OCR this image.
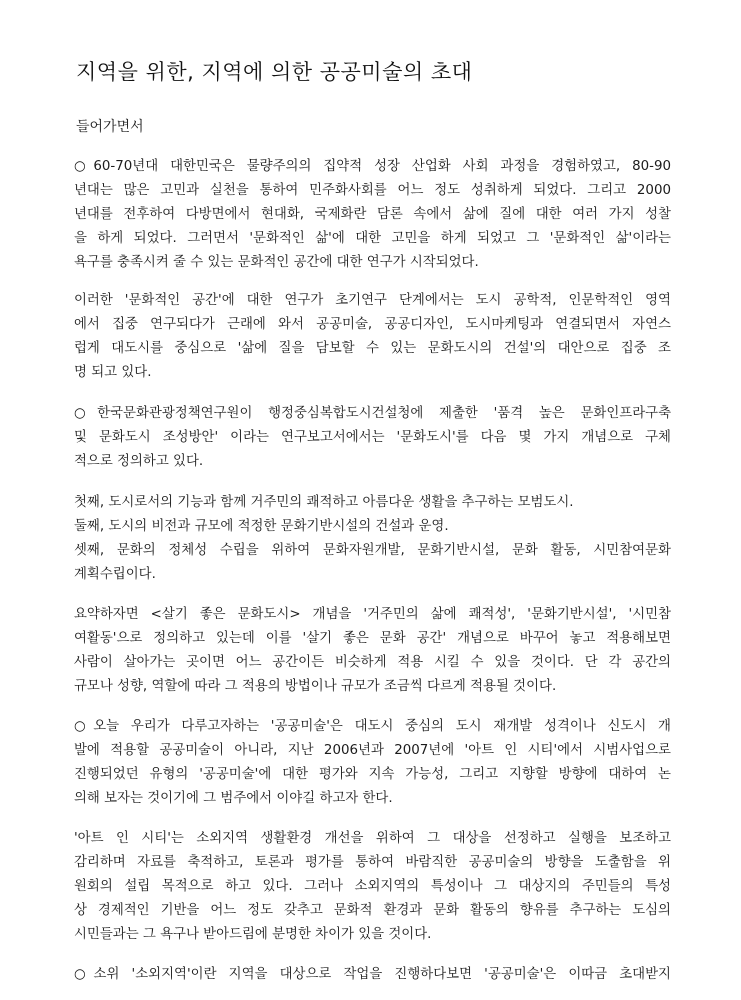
지역을 위한, 지역에 의한 공공미술의 초대

들어가면서

○60-70년대 대한민국은 물량주의의 집약적 성장 산업화 사회 과정을 경험하였고, 80-90

년대는 많은 고민과 실천을 통하여 민주화사회를 어느 정도 성취하게 되었다. 그리고 2000

년대를 전후하여 다방면에서 현대화, 국제화란 담론 속에서 삶에 질에 대한 여러 가지 성찰

을 하게 되었다. 그러면서 '문화적인 삶'에 대한 고민을 하게 되었고 그 '문화적인 삶'이라는

욕구를 충족시켜 줄 수 있는 문화적인 공간에 대한 연구가 시작되었다.

이러한 '문화적인 공간'에 대한 연구가 초기연구 단계에서는 도시 공학적, 인문학적인 영역

에서 집중 연구되다가 근래에 와서 공공미술, 공공디자인, 도시마케팅과 연결되면서 자연스

럽게 대도시를 중심으로 '삶에 질을 담보할 수 있는 문화도시의 건설'의 대안으로 집중 조

명 되고 있다.

○한국문화관광정책연구원이 행정중심복합도시건설청에 제출한 '품격 높은 문화인프라구축

및 문화도시 조성방안' 이라는 연구보고서에서는 '문화도시'를 다음 몇 가지 개념으로 구체

적으로 정의하고 있다.

첫째, 도시로서의 기능과 함께 거주민의 쾌적하고 아름다운 생활을 추구하는 모범도시.

둘째, 도시의 비전과 규모에 적정한 문화기반시설의 건설과 운영.

셋째, 문화의 정체성 수립을 위하여 문화자원개발, 문화기반시설, 문화 활동, 시민참여문화

계획수립이다.

요약하자면 <살기 좋은 문화도시> 개념을 '거주민의 삶에 쾌적성', '문화기반시설', '시민참

여활동'으로 정의하고 있는데 이를 '살기 좋은 문화 공간' 개념으로 바꾸어 놓고 적용해보면

사람이 살아가는 곳이면 어느 공간이든 비슷하게 적용 시킬 수 있을 것이다. 단 각 공간의

규모나 성향, 역할에 따라 그 적용의 방법이나 규모가 조금씩 다르게 적용될 것이다.

○오늘 우리가 다루고자하는 '공공미술'은 대도시 중심의 도시 재개발 성격이나 신도시 개

발에 적용할 공공미술이 아니라, 지난 2006년과 2007년에 '아트 인 시티'에서 시범사업으로

진행되었던 유형의 '공공미술'에 대한 평가와 지속 가능성, 그리고 지향할 방향에 대하여 논

의해 보자는 것이기에 그 범주에서 이야길 하고자 한다.

'아트 인 시티'는 소외지역 생활환경 개선을 위하여 그 대상을 선정하고 실행을 보조하고

감리하며 자료를 축적하고, 토론과 평가를 통하여 바람직한 공공미술의 방향을 도출함을 위

원회의 설립 목적으로 하고 있다. 그러나 소외지역의 특성이나 그 대상지의 주민들의 특성

상 경제적인 기반을 어느 정도 갖추고 문화적 환경과 문화 활동의 향유를 추구하는 도심의

시민들과는 그 욕구나 받아드림에 분명한 차이가 있을 것이다.

○소위 '소외지역'이란 지역을 대상으로 작업을 진행하다보면 '공공미술'은 이따금 초대받지
